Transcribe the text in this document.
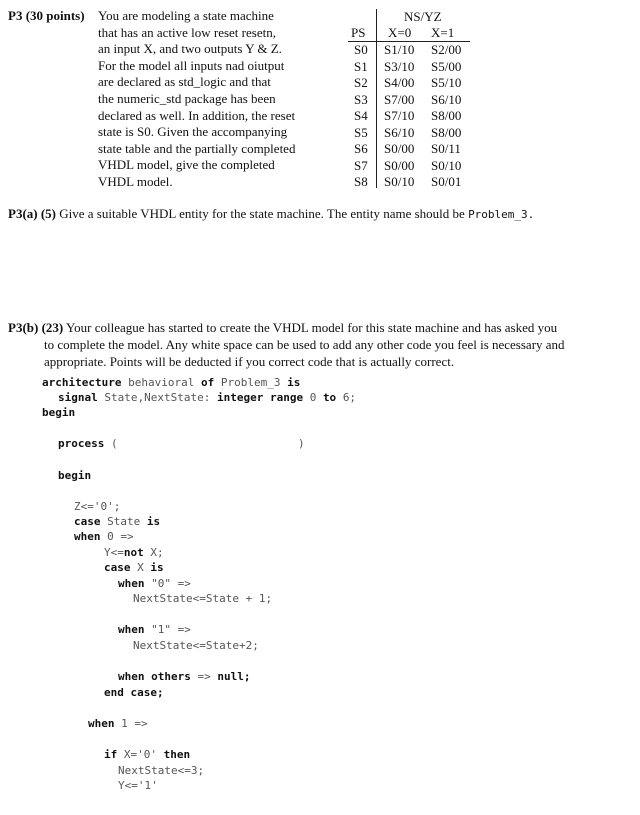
P3 (30 points) You are modeling a state machine
that has an active low reset resetn,
an input X, and two outputs Y & Z.
For the model all inputs nad oiutput
are declared as std_logic and that
the numeric_std package has been
declared as well. In addition, the reset
state is S0. Given the accompanying
state table and the partially completed
VHDL model, give the completed
VHDL model.
NS/YZ
PS X=0 X=1
S0 S1/10 S2/00
S1 S3/10 S5/00
S2 S4/00 S5/10
S3 S7/00 S6/10
S4 S7/10 S8/00
S5 S6/10 S8/00
S6 S0/00 S0/11
S7 S0/00 S0/10
S8 S0/10 S0/01
P3(a) (5) Give a suitable VHDL entity for the state machine. The entity name should be Problem_3.
P3(b) (23) Your colleague has started to create the VHDL model for this state machine and has asked you
to complete the model. Any white space can be used to add any other code you feel is necessary and
appropriate. Points will be deducted if you correct code that is actually correct.
architecture behavioral of Problem_3 is
signal State,NextState: integer range 0 to 6;
begin
process (	)
begin
Z<='0';
case State is
when 0 =>
Y<=not X;
case X is
when "0" =>
NextState<=State + 1;
when "1" =>
NextState<=State+2;
when others => null;
end case;
when 1 =>
if X='0' then
NextState<=3;
Y<='1'
